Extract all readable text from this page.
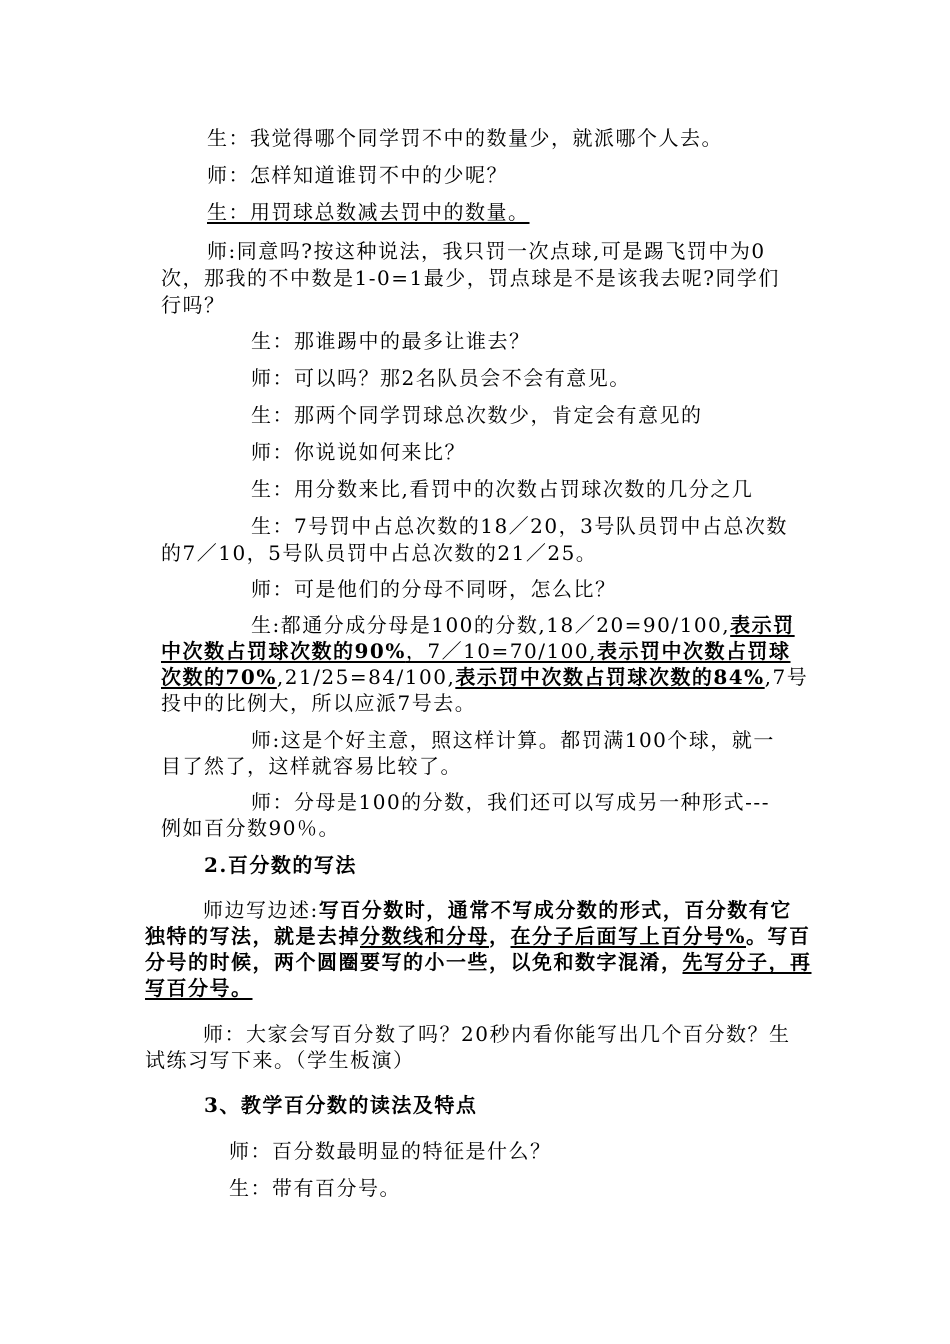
生：我觉得哪个同学罚不中的数量少，就派哪个人去。

师：怎样知道谁罚不中的少呢？

生：用罚球总数减去罚中的数量。

师:同意吗?按这种说法，我只罚一次点球,可是踢飞罚中为0

次，那我的不中数是1-0=1最少，罚点球是不是该我去呢?同学们

行吗？

生：那谁踢中的最多让谁去？

师：可以吗？那2名队员会不会有意见。

生：那两个同学罚球总次数少，肯定会有意见的

师：你说说如何来比？

生：用分数来比,看罚中的次数占罚球次数的几分之几

生：7号罚中占总次数的18／20，3号队员罚中占总次数

的7／10，5号队员罚中占总次数的21／25。

师：可是他们的分母不同呀，怎么比？

生:都通分成分母是100的分数,18／20=90/100,表示罚

中次数占罚球次数的90%，7／10=70/100,表示罚中次数占罚球

次数的70%,21/25=84/100,表示罚中次数占罚球次数的84%,7号

投中的比例大，所以应派7号去。

师:这是个好主意，照这样计算。都罚满100个球，就一

目了然了，这样就容易比较了。

师：分母是100的分数，我们还可以写成另一种形式---

例如百分数90％。

2.百分数的写法

师边写边述:写百分数时，通常不写成分数的形式，百分数有它

独特的写法，就是去掉分数线和分母，在分子后面写上百分号%。写百

分号的时候，两个圆圈要写的小一些，以免和数字混淆，先写分子，再

写百分号。

师：大家会写百分数了吗？20秒内看你能写出几个百分数？生

试练习写下来。（学生板演）

3、教学百分数的读法及特点

师：百分数最明显的特征是什么？

生：带有百分号。
